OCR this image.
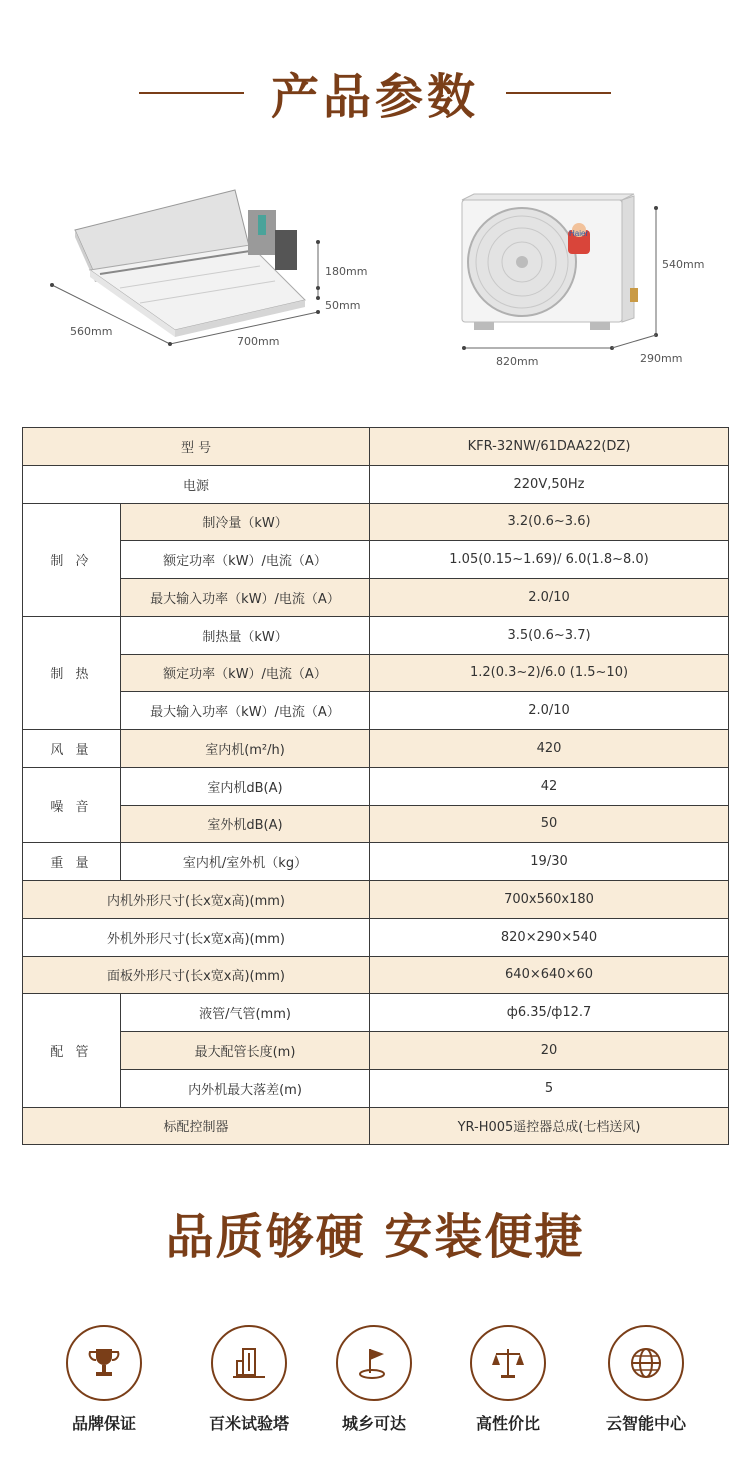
产品参数
Haier
180mm
50mm
560mm
700mm
540mm
820mm	290mm
型 号		KFR-32NW/61DAA22(DZ)
电源		220V,50Hz
制 冷	制冷量（kW）	3.2(0.6~3.6)
	额定功率（kW）/电流（A）	1.05(0.15~1.69)/ 6.0(1.8~8.0)
	最大输入功率（kW）/电流（A）	2.0/10
制 热	制热量（kW）	3.5(0.6~3.7)
	额定功率（kW）/电流（A）	1.2(0.3~2)/6.0 (1.5~10)
	最大输入功率（kW）/电流（A）	2.0/10
风 量	室内机(m²/h)	420
噪 音	室内机dB(A)	42
	室外机dB(A)	50
重 量	室内机/室外机（kg）	19/30
内机外形尺寸(长x宽x高)(mm)		700x560x180
外机外形尺寸(长x宽x高)(mm)		820×290×540
面板外形尺寸(长x宽x高)(mm)		640×640×60
配 管	液管/气管(mm)	ф6.35/ф12.7
	最大配管长度(m)	20
	内外机最大落差(m)	5
标配控制器		YR-H005遥控器总成(七档送风)
品质够硬 安装便捷
品牌保证	百米试验塔	城乡可达	高性价比	云智能中心
